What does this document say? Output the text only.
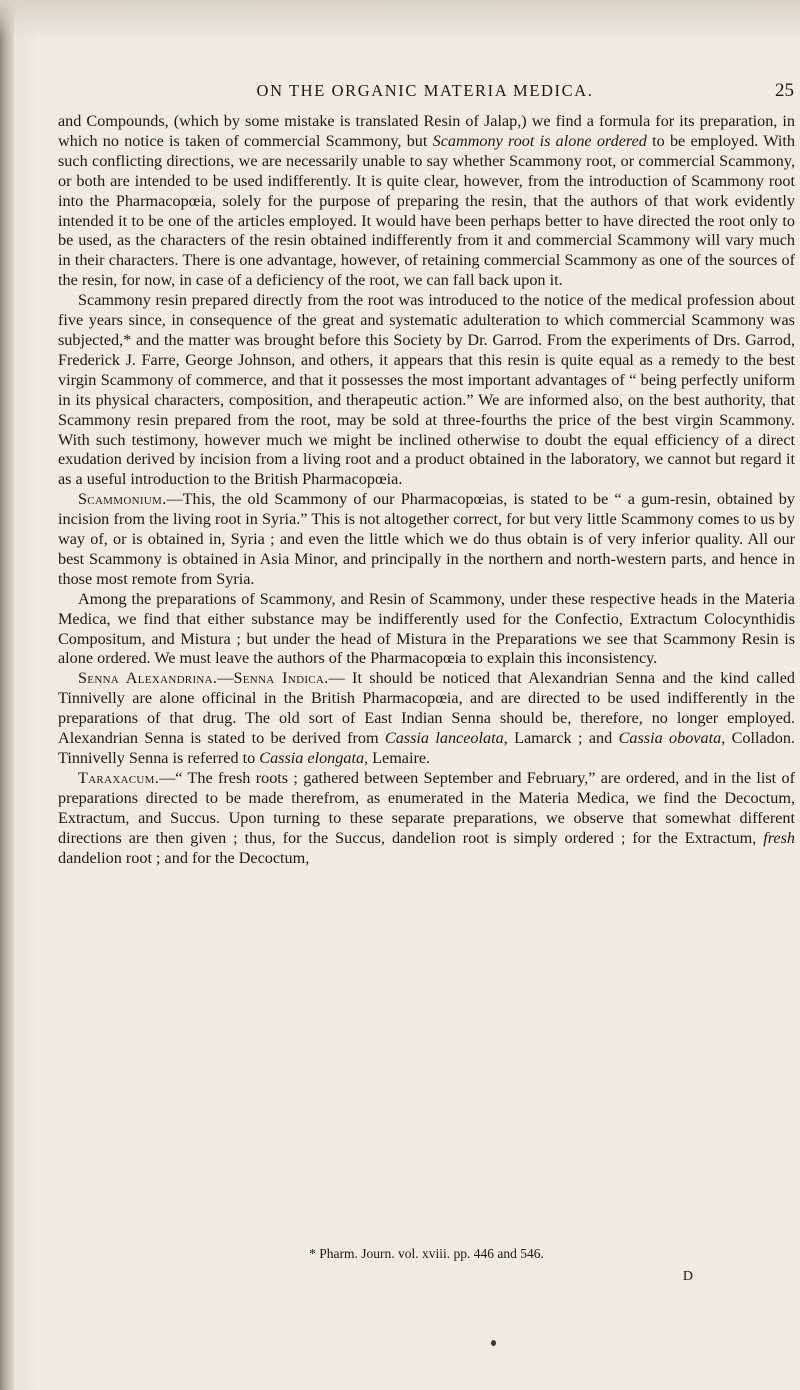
ON THE ORGANIC MATERIA MEDICA.	25

and Compounds, (which by some mistake is translated Resin of Jalap,) we find a formula for its preparation, in which no notice is taken of commercial Scammony, but Scammony root is alone ordered to be employed. With such conflicting directions, we are necessarily unable to say whether Scammony root, or commercial Scammony, or both are intended to be used indifferently. It is quite clear, however, from the introduction of Scammony root into the Pharmacopœia, solely for the purpose of preparing the resin, that the authors of that work evidently intended it to be one of the articles employed. It would have been perhaps better to have directed the root only to be used, as the characters of the resin obtained indifferently from it and commercial Scammony will vary much in their characters. There is one advantage, however, of retaining commercial Scammony as one of the sources of the resin, for now, in case of a deficiency of the root, we can fall back upon it.

Scammony resin prepared directly from the root was introduced to the notice of the medical profession about five years since, in consequence of the great and systematic adulteration to which commercial Scammony was subjected,* and the matter was brought before this Society by Dr. Garrod. From the experiments of Drs. Garrod, Frederick J. Farre, George Johnson, and others, it appears that this resin is quite equal as a remedy to the best virgin Scammony of commerce, and that it possesses the most important advantages of “ being perfectly uniform in its physical characters, composition, and therapeutic action.” We are informed also, on the best authority, that Scammony resin prepared from the root, may be sold at three-fourths the price of the best virgin Scammony. With such testimony, however much we might be inclined otherwise to doubt the equal efficiency of a direct exudation derived by incision from a living root and a product obtained in the laboratory, we cannot but regard it as a useful introduction to the British Pharmacopœia.

Scammonium.—This, the old Scammony of our Pharmacopœias, is stated to be “ a gum-resin, obtained by incision from the living root in Syria.” This is not altogether correct, for but very little Scammony comes to us by way of, or is obtained in, Syria ; and even the little which we do thus obtain is of very inferior quality. All our best Scammony is obtained in Asia Minor, and principally in the northern and north-western parts, and hence in those most remote from Syria.

Among the preparations of Scammony, and Resin of Scammony, under these respective heads in the Materia Medica, we find that either substance may be indifferently used for the Confectio, Extractum Colocynthidis Compositum, and Mistura ; but under the head of Mistura in the Preparations we see that Scammony Resin is alone ordered. We must leave the authors of the Pharmacopœia to explain this inconsistency.

Senna Alexandrina.—Senna Indica.— It should be noticed that Alexandrian Senna and the kind called Tinnivelly are alone officinal in the British Pharmacopœia, and are directed to be used indifferently in the preparations of that drug. The old sort of East Indian Senna should be, therefore, no longer employed. Alexandrian Senna is stated to be derived from Cassia lanceolata, Lamarck ; and Cassia obovata, Colladon. Tinnivelly Senna is referred to Cassia elongata, Lemaire.

Taraxacum.—“ The fresh roots ; gathered between September and February,” are ordered, and in the list of preparations directed to be made therefrom, as enumerated in the Materia Medica, we find the Decoctum, Extractum, and Succus. Upon turning to these separate preparations, we observe that somewhat different directions are then given ; thus, for the Succus, dandelion root is simply ordered ; for the Extractum, fresh dandelion root ; and for the Decoctum,

* Pharm. Journ. vol. xviii. pp. 446 and 546.
D
